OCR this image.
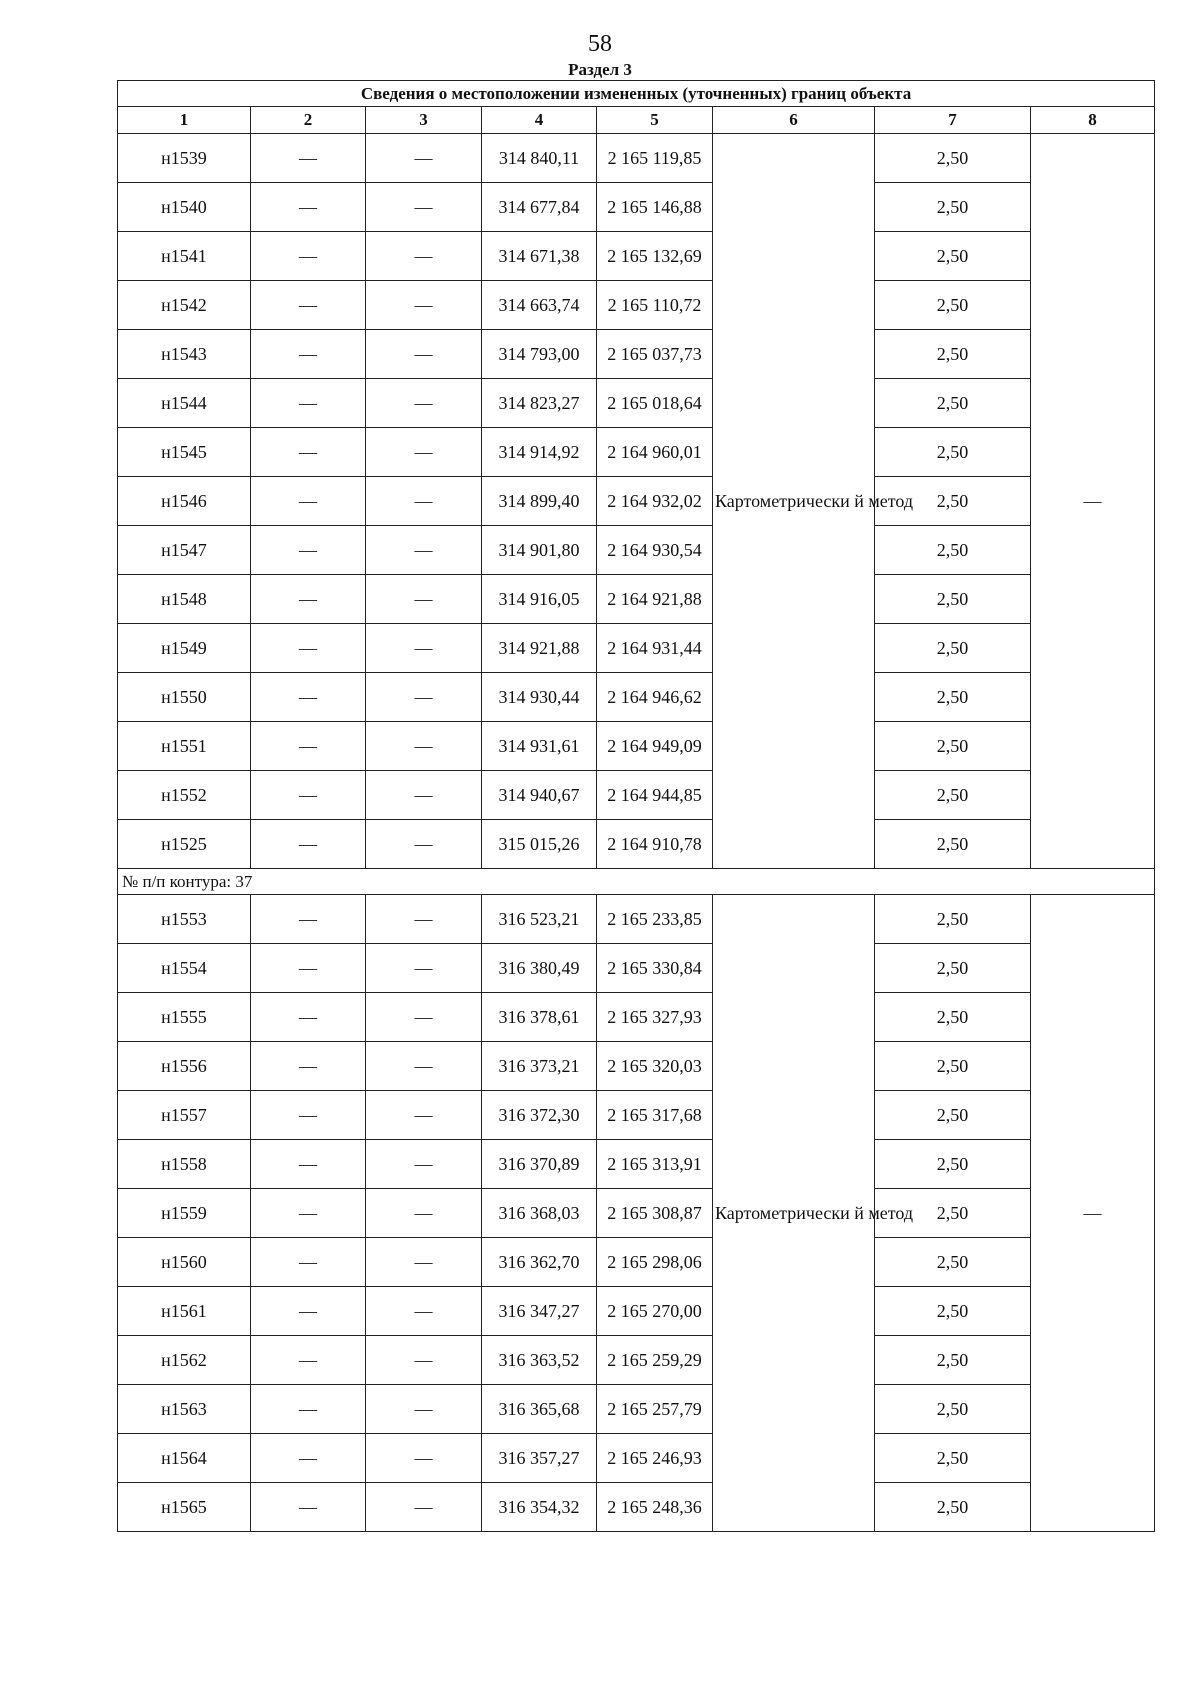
58
Раздел 3
Сведения о местоположении измененных (уточненных) границ объекта							
1	2	3	4	5	6	7	8
н1539	—	—	314 840,11	2 165 119,85	Картометрически й метод	2,50	—
н1540	—	—	314 677,84	2 165 146,88		2,50	
н1541	—	—	314 671,38	2 165 132,69		2,50	
н1542	—	—	314 663,74	2 165 110,72		2,50	
н1543	—	—	314 793,00	2 165 037,73		2,50	
н1544	—	—	314 823,27	2 165 018,64		2,50	
н1545	—	—	314 914,92	2 164 960,01		2,50	
н1546	—	—	314 899,40	2 164 932,02		2,50	
н1547	—	—	314 901,80	2 164 930,54		2,50	
н1548	—	—	314 916,05	2 164 921,88		2,50	
н1549	—	—	314 921,88	2 164 931,44		2,50	
н1550	—	—	314 930,44	2 164 946,62		2,50	
н1551	—	—	314 931,61	2 164 949,09		2,50	
н1552	—	—	314 940,67	2 164 944,85		2,50	
н1525	—	—	315 015,26	2 164 910,78		2,50	
№ п/п контура: 37							
н1553	—	—	316 523,21	2 165 233,85	Картометрически й метод	2,50	—
н1554	—	—	316 380,49	2 165 330,84		2,50	
н1555	—	—	316 378,61	2 165 327,93		2,50	
н1556	—	—	316 373,21	2 165 320,03		2,50	
н1557	—	—	316 372,30	2 165 317,68		2,50	
н1558	—	—	316 370,89	2 165 313,91		2,50	
н1559	—	—	316 368,03	2 165 308,87		2,50	
н1560	—	—	316 362,70	2 165 298,06		2,50	
н1561	—	—	316 347,27	2 165 270,00		2,50	
н1562	—	—	316 363,52	2 165 259,29		2,50	
н1563	—	—	316 365,68	2 165 257,79		2,50	
н1564	—	—	316 357,27	2 165 246,93		2,50	
н1565	—	—	316 354,32	2 165 248,36		2,50	
